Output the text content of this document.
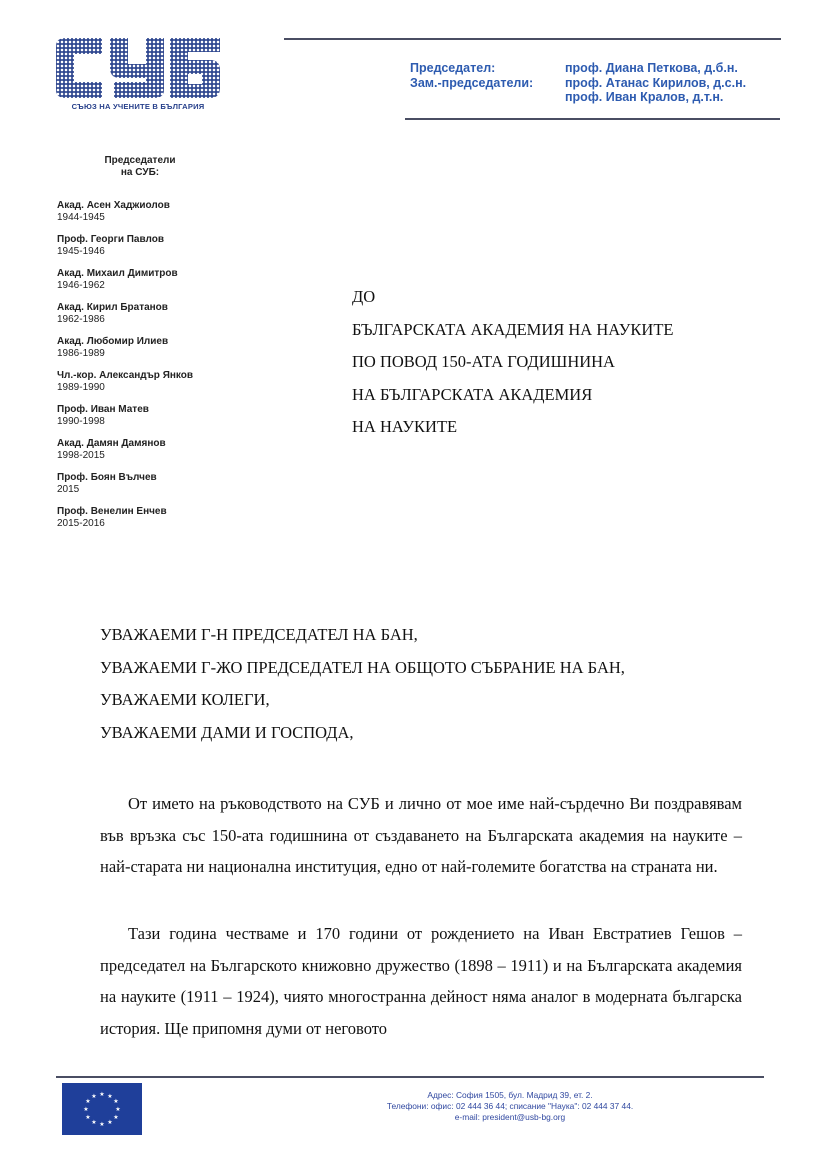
СЪЮЗ НА УЧЕНИТЕ В БЪЛГАРИЯ
Председател:	проф. Диана Петкова, д.б.н.
Зам.-председатели:	проф. Атанас Кирилов, д.с.н.
проф. Иван Кралов, д.т.н.
Председатели
на СУБ:
Акад. Асен Хаджиолов
1944-1945
Проф. Георги Павлов
1945-1946
Акад. Михаил Димитров
1946-1962
Акад. Кирил Братанов
1962-1986
Акад. Любомир Илиев
1986-1989
Чл.-кор. Александър Янков
1989-1990
Проф. Иван Матев
1990-1998
Акад. Дамян Дамянов
1998-2015
Проф. Боян Вълчев
2015
Проф. Венелин Енчев
2015-2016
ДО
БЪЛГАРСКАТА АКАДЕМИЯ НА НАУКИТЕ
ПО ПОВОД 150-АТА ГОДИШНИНА
НА БЪЛГАРСКАТА АКАДЕМИЯ
НА НАУКИТЕ
УВАЖАЕМИ Г-Н ПРЕДСЕДАТЕЛ НА БАН,
УВАЖАЕМИ Г-ЖО ПРЕДСЕДАТЕЛ НА ОБЩОТО СЪБРАНИЕ НА БАН,
УВАЖАЕМИ КОЛЕГИ,
УВАЖАЕМИ ДАМИ И ГОСПОДА,

От името на ръководството на СУБ и лично от мое име най-сърдечно Ви поздравявам във връзка със 150-ата годишнина от създаването на Българската академия на науките – най-старата ни национална институция, едно от най-големите богатства на страната ни.

Тази година честваме и 170 години от рождението на Иван Евстратиев Гешов – председател на Българското книжовно дружество (1898 – 1911) и на Българската академия на науките (1911 – 1924), чиято многостранна дейност няма аналог в модерната българска история. Ще припомня думи от неговото

★ ★
★
★
★
★
★
★
★
★
★
★	Адрес: София 1505, бул. Мадрид 39, ет. 2.
Телефони: офис: 02 444 36 44; списание "Наука": 02 444 37 44.
e-mail: president@usb-bg.org
